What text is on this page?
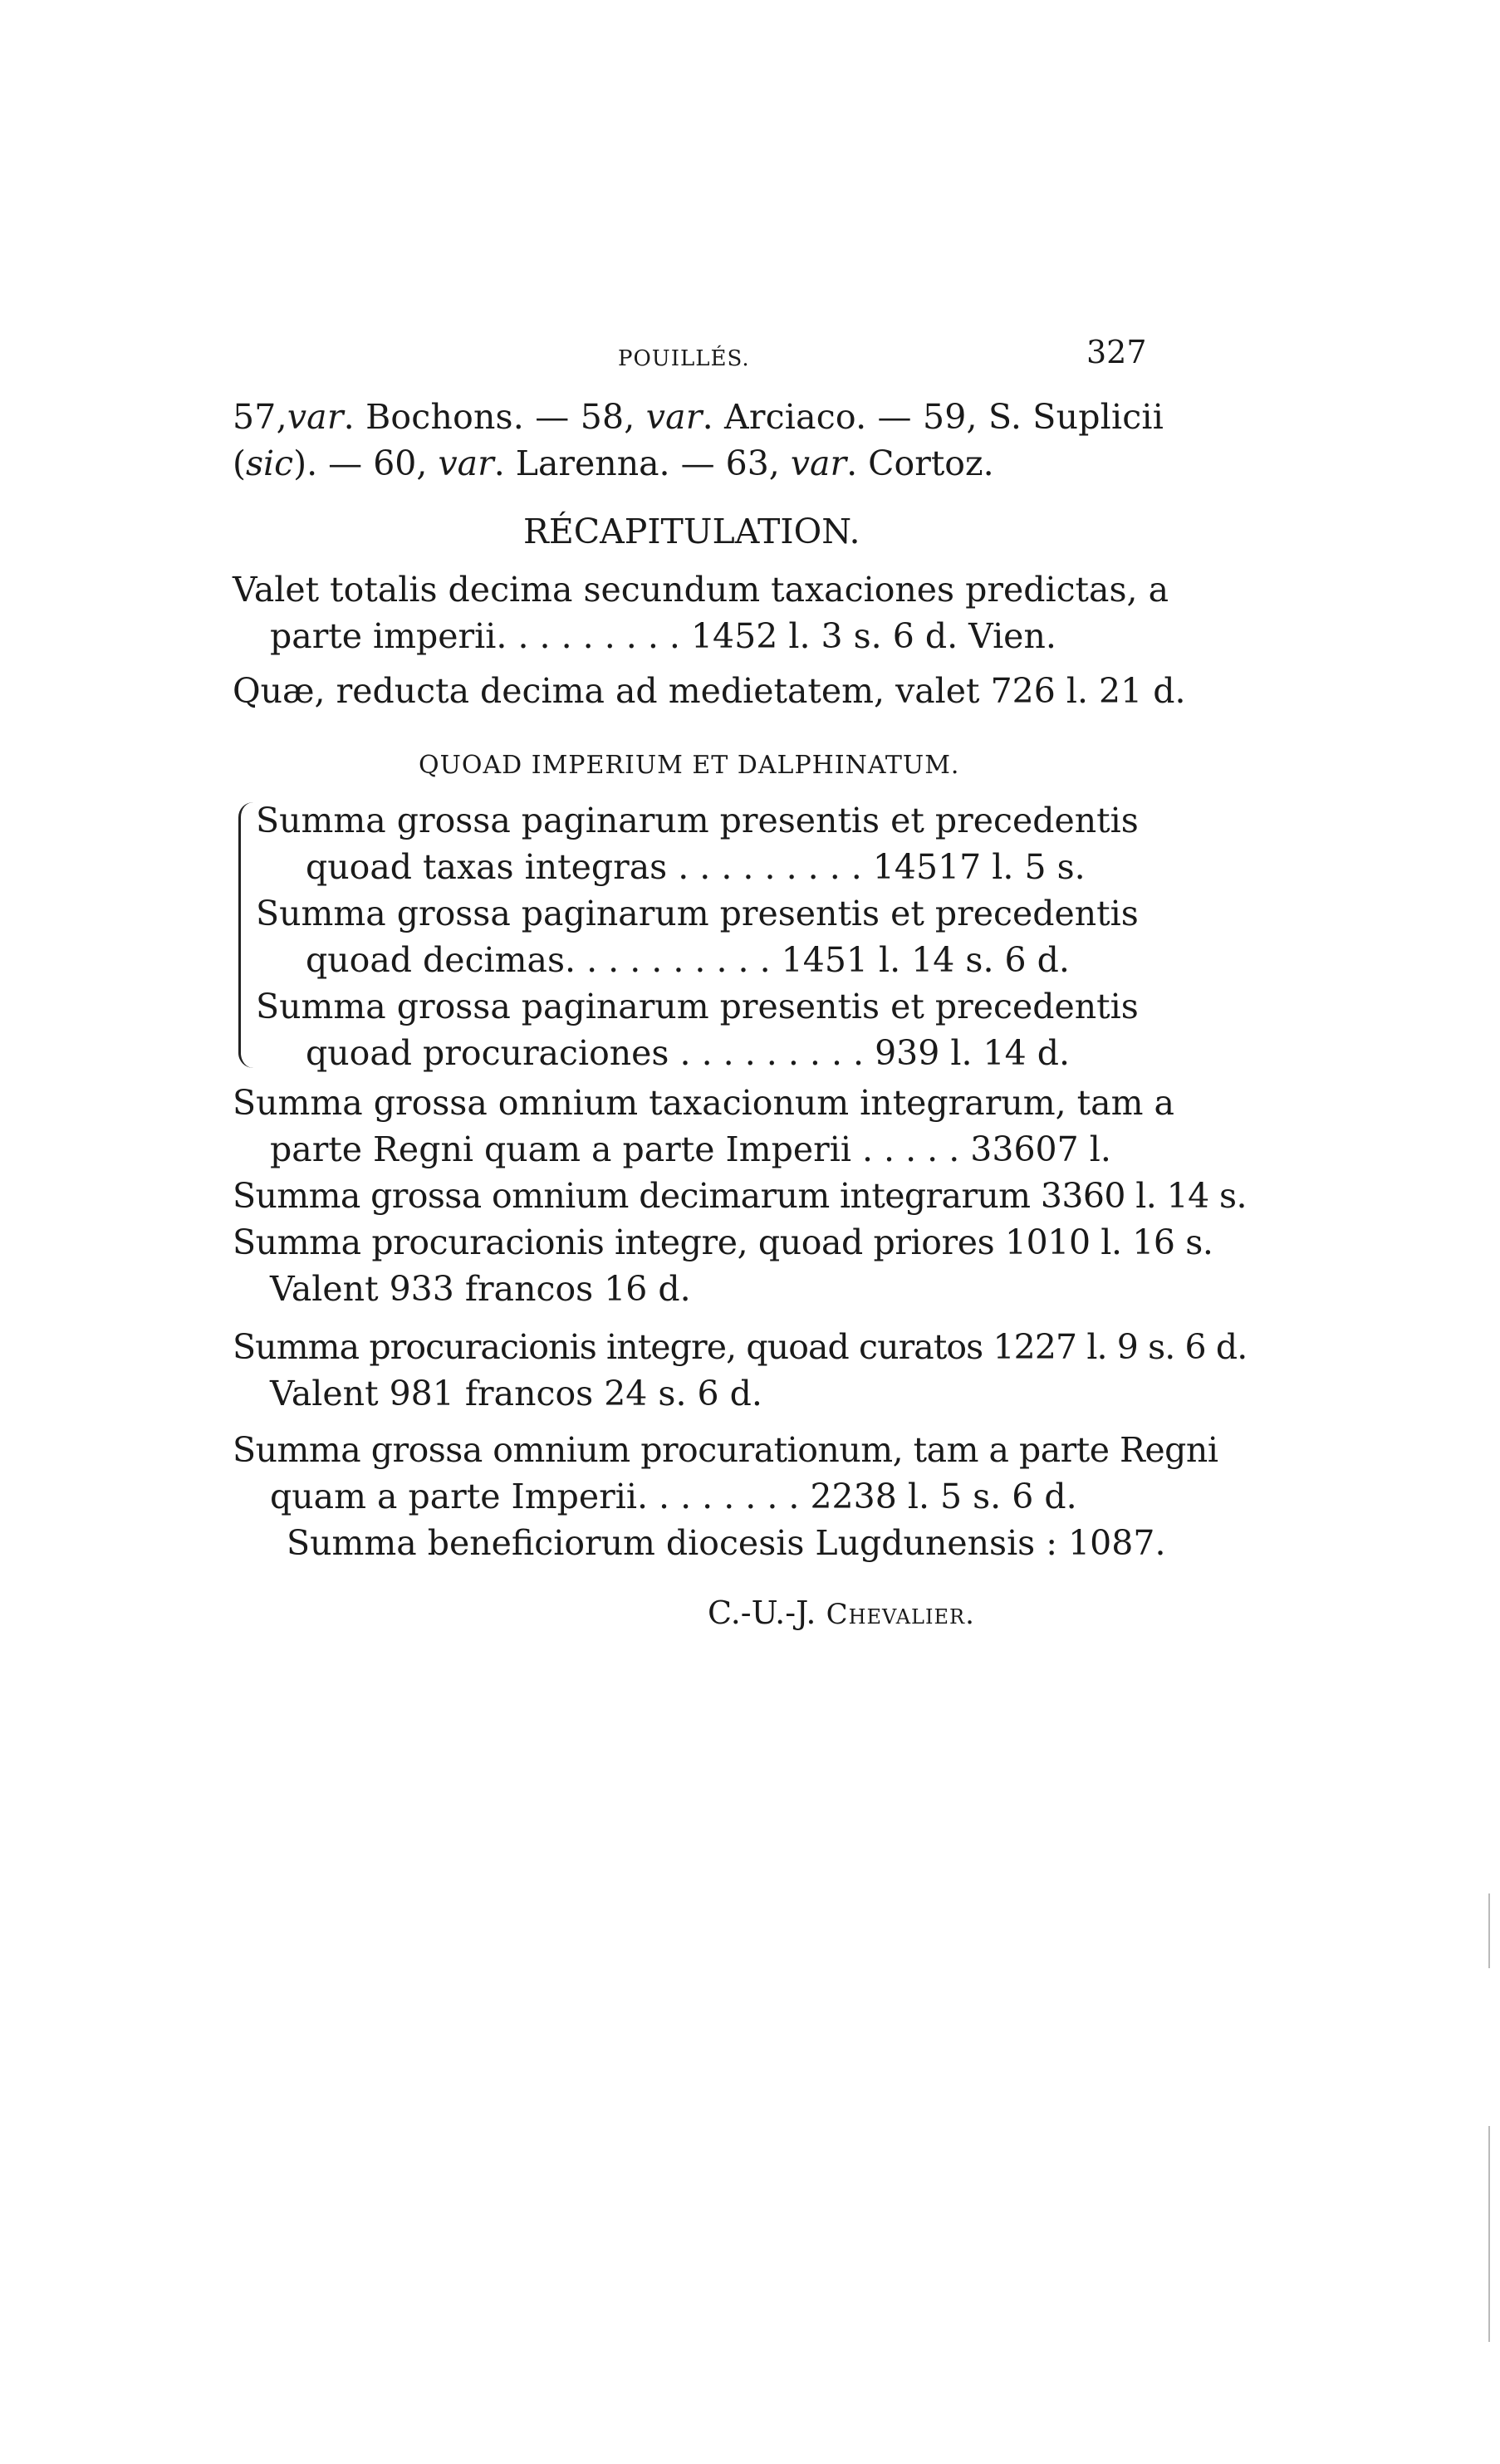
POUILLÉS.	327
57,var. Bochons. — 58, var. Arciaco. — 59, S. Suplicii
(sic). — 60, var. Larenna. — 63, var. Cortoz.
RÉCAPITULATION.
Valet totalis decima secundum taxaciones predictas, a
parte imperii. . . . . . . . . 1452 l. 3 s. 6 d. Vien.
Quæ, reducta decima ad medietatem, valet 726 l. 21 d.
QUOAD IMPERIUM ET DALPHINATUM.
Summa grossa paginarum presentis et precedentis
quoad taxas integras . . . . . . . . . 14517 l. 5 s.
Summa grossa paginarum presentis et precedentis
quoad decimas. . . . . . . . . . 1451 l. 14 s. 6 d.
Summa grossa paginarum presentis et precedentis
quoad procuraciones . . . . . . . . . 939 l. 14 d.
Summa grossa omnium taxacionum integrarum, tam a
parte Regni quam a parte Imperii . . . . . 33607 l.
Summa grossa omnium decimarum integrarum 3360 l. 14 s.
Summa procuracionis integre, quoad priores 1010 l. 16 s.
Valent 933 francos 16 d.
Summa procuracionis integre, quoad curatos 1227 l. 9 s. 6 d.
Valent 981 francos 24 s. 6 d.
Summa grossa omnium procurationum, tam a parte Regni
quam a parte Imperii. . . . . . . . 2238 l. 5 s. 6 d.
Summa beneficiorum diocesis Lugdunensis : 1087.
C.-U.-J. Chevalier.
